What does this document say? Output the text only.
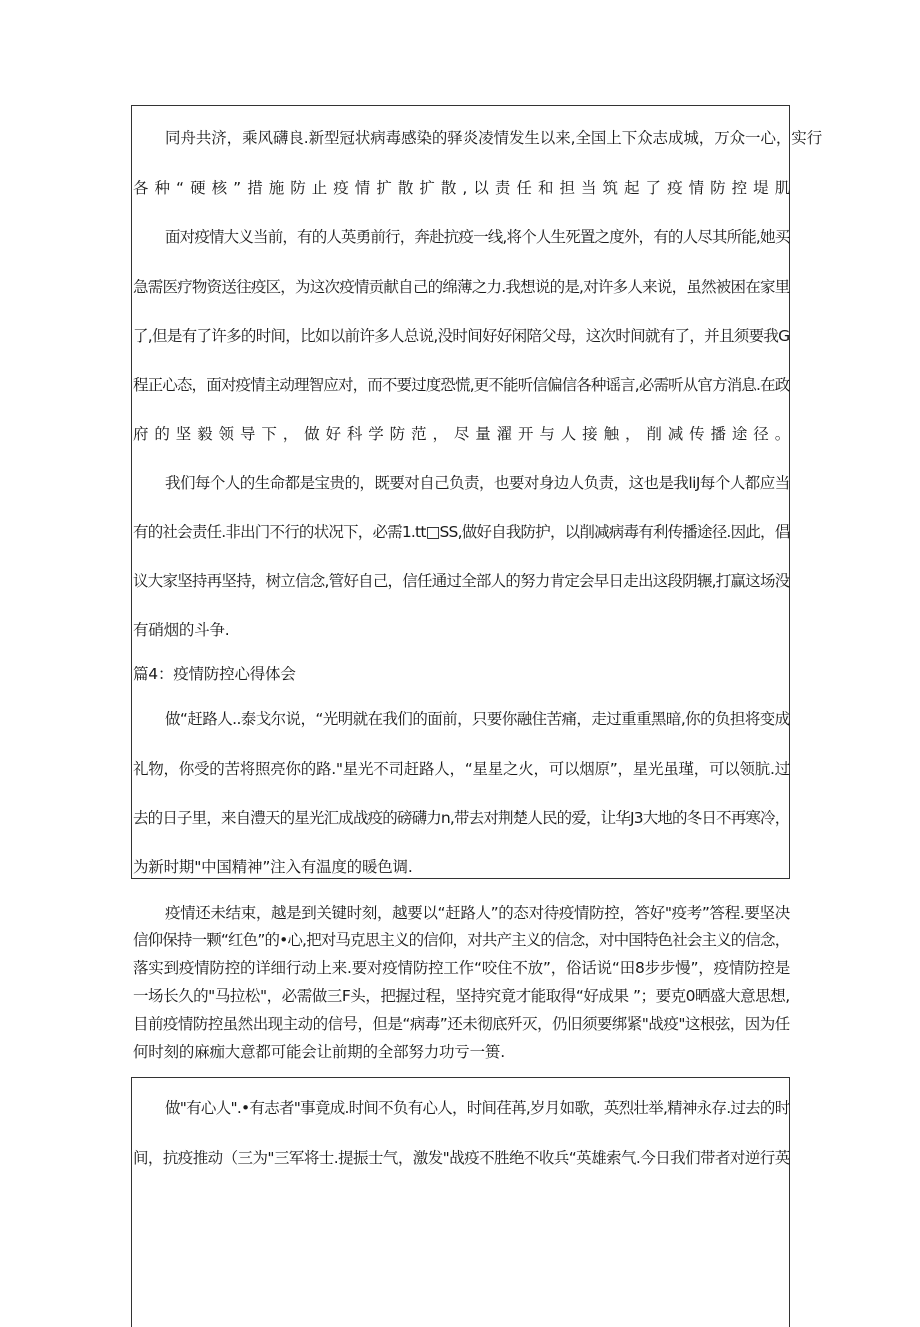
同舟共济，乘风礴良.新型冠状病毒感染的驿炎凌情发生以来,全国上下众志成城，万众一心，实行
各种“硬核”措施防止疫情扩散扩散,以责任和担当筑起了疫情防控堤肌
面对疫情大义当前，有的人英勇前行，奔赴抗疫一线,将个人生死置之度外，有的人尽其所能,她买
急需医疗物资送往疫区，为这次疫情贡献自己的绵薄之力.我想说的是,对许多人来说，虽然被困在家里
了,但是有了许多的时间，比如以前许多人总说,没时间好好闲陪父母，这次时间就有了，并且须要我G
程正心态，面对疫情主动理智应对，而不要过度恐慌,更不能听信偏信各种谣言,必需听从官方消息.在政
府的坚毅领导下，做好科学防范，尽量濯开与人接触，削减传播途径。
我们每个人的生命都是宝贵的，既要对自己负责，也要对身边人负责，这也是我liJ每个人都应当
有的社会责任.非出门不行的状况下，必需1.tt□SS,做好自我防护，以削减病毒有利传播途径.因此，倡
议大家坚持再坚持，树立信念,管好自己，信任通过全部人的努力肯定会早日走出这段阴辗,打赢这场没
有硝烟的斗争.
篇4：疫情防控心得体会
做“赶路人..泰戈尔说，“光明就在我们的面前，只要你融住苦痛，走过重重黑暗,你的负担将变成
礼物，你受的苦将照亮你的路."星光不司赶路人，“星星之火，可以烟原”，星光虽瑾，可以领肮.过
去的日子里，来自澧天的星光汇成战疫的磅礴力n,带去对荆楚人民的爱，让华J3大地的冬日不再寒冷，
为新时期"中国精神”注入有温度的暖色调.
疫情还未结束，越是到关键时刻，越要以“赶路人”的态对待疫情防控，答好"疫考”答程.要坚决
信仰保持一颗“红色”的•心,把对马克思主义的信仰，对共产主义的信念，对中国特色社会主义的信念，
落实到疫情防控的详细行动上来.要对疫情防控工作“咬住不放”，俗话说“田8步步慢”，疫情防控是
一场长久的"马拉松"，必需做三F头，把握过程，坚持究竟才能取得“好成果 ”；要克0晒盛大意思想,
目前疫情防控虽然出现主动的信号，但是“病毒”还未彻底歼灭，仍旧须要绑紧"战疫"这根弦，因为任
何时刻的麻痂大意都可能会让前期的全部努力功亏一篑.
做"有心人".•有志者"事竟成.时间不负有心人，时间荏苒,岁月如歌，英烈壮举,精神永存.过去的时
间，抗疫推动（三为"三军将士.提振士气，激发"战疫不胜绝不收兵“英雄索气.今日我们带者对逆行英
